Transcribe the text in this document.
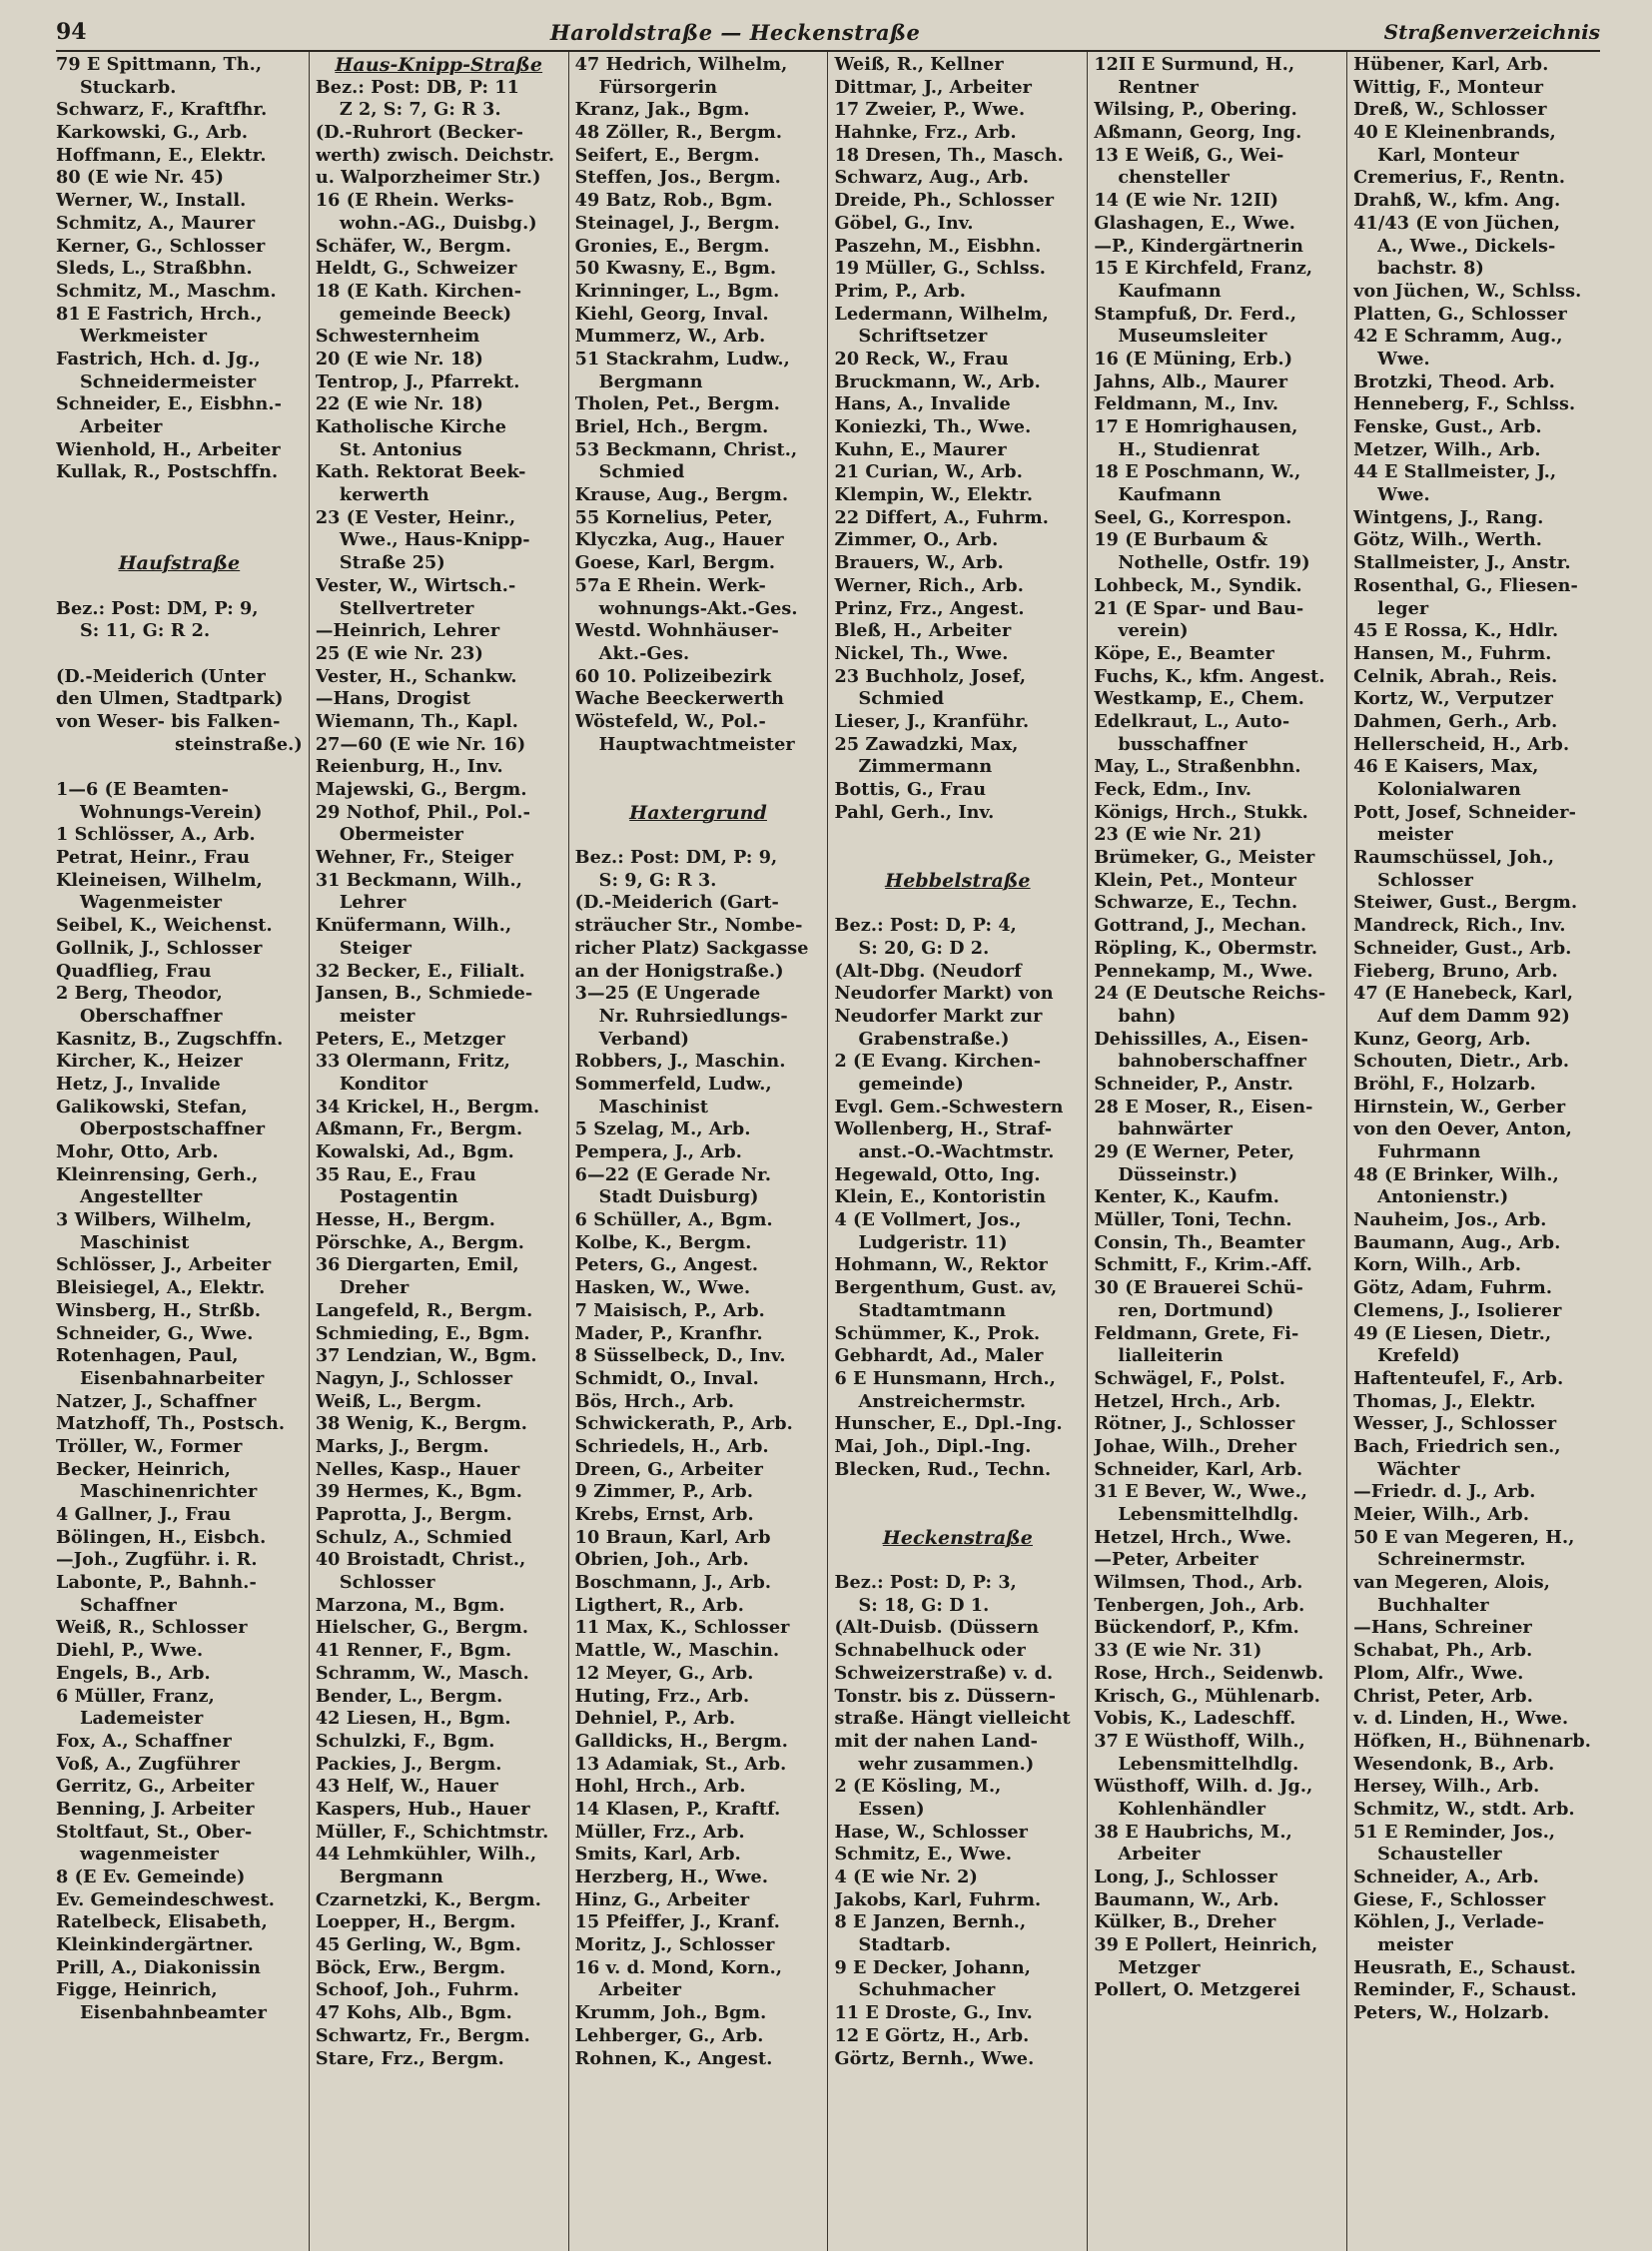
94	Haroldstraße — Heckenstraße	Straßenverzeichnis
79 E Spittmann, Th.,
Stuckarb.
Schwarz, F., Kraftfhr.
Karkowski, G., Arb.
Hoffmann, E., Elektr.
80 (E wie Nr. 45)
Werner, W., Install.
Schmitz, A., Maurer
Kerner, G., Schlosser
Sleds, L., Straßbhn.
Schmitz, M., Maschm.
81 E Fastrich, Hrch.,
Werkmeister
Fastrich, Hch. d. Jg.,
Schneidermeister
Schneider, E., Eisbhn.-
Arbeiter
Wienhold, H., Arbeiter
Kullak, R., Postschffn.
Haufstraße
Bez.: Post: DM, P: 9,
S: 11, G: R 2.
(D.-Meiderich (Unter
den Ulmen, Stadtpark)
von Weser- bis Falken-
steinstraße.)
1—6 (E Beamten-
Wohnungs-Verein)
1 Schlösser, A., Arb.
Petrat, Heinr., Frau
Kleineisen, Wilhelm,
Wagenmeister
Seibel, K., Weichenst.
Gollnik, J., Schlosser
Quadflieg, Frau
2 Berg, Theodor,
Oberschaffner
Kasnitz, B., Zugschffn.
Kircher, K., Heizer
Hetz, J., Invalide
Galikowski, Stefan,
Oberpostschaffner
Mohr, Otto, Arb.
Kleinrensing, Gerh.,
Angestellter
3 Wilbers, Wilhelm,
Maschinist
Schlösser, J., Arbeiter
Bleisiegel, A., Elektr.
Winsberg, H., Strßb.
Schneider, G., Wwe.
Rotenhagen, Paul,
Eisenbahnarbeiter
Natzer, J., Schaffner
Matzhoff, Th., Postsch.
Tröller, W., Former
Becker, Heinrich,
Maschinenrichter
4 Gallner, J., Frau
Bölingen, H., Eisbch.
—Joh., Zugführ. i. R.
Labonte, P., Bahnh.-
Schaffner
Weiß, R., Schlosser
Diehl, P., Wwe.
Engels, B., Arb.
6 Müller, Franz,
Lademeister
Fox, A., Schaffner
Voß, A., Zugführer
Gerritz, G., Arbeiter
Benning, J. Arbeiter
Stoltfaut, St., Ober-
wagenmeister
8 (E Ev. Gemeinde)
Ev. Gemeindeschwest.
Ratelbeck, Elisabeth,
Kleinkindergärtner.
Prill, A., Diakonissin
Figge, Heinrich,
Eisenbahnbeamter
Haus-Knipp-Straße
Bez.: Post: DB, P: 11
Z 2, S: 7, G: R 3.
(D.-Ruhrort (Becker-
werth) zwisch. Deichstr.
u. Walporzheimer Str.)
16 (E Rhein. Werks-
wohn.-AG., Duisbg.)
Schäfer, W., Bergm.
Heldt, G., Schweizer
18 (E Kath. Kirchen-
gemeinde Beeck)
Schwesternheim
20 (E wie Nr. 18)
Tentrop, J., Pfarrekt.
22 (E wie Nr. 18)
Katholische Kirche
St. Antonius
Kath. Rektorat Beek-
kerwerth
23 (E Vester, Heinr.,
Wwe., Haus-Knipp-
Straße 25)
Vester, W., Wirtsch.-
Stellvertreter
—Heinrich, Lehrer
25 (E wie Nr. 23)
Vester, H., Schankw.
—Hans, Drogist
Wiemann, Th., Kapl.
27—60 (E wie Nr. 16)
Reienburg, H., Inv.
Majewski, G., Bergm.
29 Nothof, Phil., Pol.-
Obermeister
Wehner, Fr., Steiger
31 Beckmann, Wilh.,
Lehrer
Knüfermann, Wilh.,
Steiger
32 Becker, E., Filialt.
Jansen, B., Schmiede-
meister
Peters, E., Metzger
33 Olermann, Fritz,
Konditor
34 Krickel, H., Bergm.
Aßmann, Fr., Bergm.
Kowalski, Ad., Bgm.
35 Rau, E., Frau
Postagentin
Hesse, H., Bergm.
Pörschke, A., Bergm.
36 Diergarten, Emil,
Dreher
Langefeld, R., Bergm.
Schmieding, E., Bgm.
37 Lendzian, W., Bgm.
Nagyn, J., Schlosser
Weiß, L., Bergm.
38 Wenig, K., Bergm.
Marks, J., Bergm.
Nelles, Kasp., Hauer
39 Hermes, K., Bgm.
Paprotta, J., Bergm.
Schulz, A., Schmied
40 Broistadt, Christ.,
Schlosser
Marzona, M., Bgm.
Hielscher, G., Bergm.
41 Renner, F., Bgm.
Schramm, W., Masch.
Bender, L., Bergm.
42 Liesen, H., Bgm.
Schulzki, F., Bgm.
Packies, J., Bergm.
43 Helf, W., Hauer
Kaspers, Hub., Hauer
Müller, F., Schichtmstr.
44 Lehmkühler, Wilh.,
Bergmann
Czarnetzki, K., Bergm.
Loepper, H., Bergm.
45 Gerling, W., Bgm.
Böck, Erw., Bergm.
Schoof, Joh., Fuhrm.
47 Kohs, Alb., Bgm.
Schwartz, Fr., Bergm.
Stare, Frz., Bergm.
47 Hedrich, Wilhelm,
Fürsorgerin
Kranz, Jak., Bgm.
48 Zöller, R., Bergm.
Seifert, E., Bergm.
Steffen, Jos., Bergm.
49 Batz, Rob., Bgm.
Steinagel, J., Bergm.
Gronies, E., Bergm.
50 Kwasny, E., Bgm.
Krinninger, L., Bgm.
Kiehl, Georg, Inval.
Mummerz, W., Arb.
51 Stackrahm, Ludw.,
Bergmann
Tholen, Pet., Bergm.
Briel, Hch., Bergm.
53 Beckmann, Christ.,
Schmied
Krause, Aug., Bergm.
55 Kornelius, Peter,
Klyczka, Aug., Hauer
Goese, Karl, Bergm.
57a E Rhein. Werk-
wohnungs-Akt.-Ges.
Westd. Wohnhäuser-
Akt.-Ges.
60 10. Polizeibezirk
Wache Beeckerwerth
Wöstefeld, W., Pol.-
Hauptwachtmeister
Haxtergrund
Bez.: Post: DM, P: 9,
S: 9, G: R 3.
(D.-Meiderich (Gart-
sträucher Str., Nombe-
richer Platz) Sackgasse
an der Honigstraße.)
3—25 (E Ungerade
Nr. Ruhrsiedlungs-
Verband)
Robbers, J., Maschin.
Sommerfeld, Ludw.,
Maschinist
5 Szelag, M., Arb.
Pempera, J., Arb.
6—22 (E Gerade Nr.
Stadt Duisburg)
6 Schüller, A., Bgm.
Kolbe, K., Bergm.
Peters, G., Angest.
Hasken, W., Wwe.
7 Maisisch, P., Arb.
Mader, P., Kranfhr.
8 Süsselbeck, D., Inv.
Schmidt, O., Inval.
Bös, Hrch., Arb.
Schwickerath, P., Arb.
Schriedels, H., Arb.
Dreen, G., Arbeiter
9 Zimmer, P., Arb.
Krebs, Ernst, Arb.
10 Braun, Karl, Arb
Obrien, Joh., Arb.
Boschmann, J., Arb.
Ligthert, R., Arb.
11 Max, K., Schlosser
Mattle, W., Maschin.
12 Meyer, G., Arb.
Huting, Frz., Arb.
Dehniel, P., Arb.
Galldicks, H., Bergm.
13 Adamiak, St., Arb.
Hohl, Hrch., Arb.
14 Klasen, P., Kraftf.
Müller, Frz., Arb.
Smits, Karl, Arb.
Herzberg, H., Wwe.
Hinz, G., Arbeiter
15 Pfeiffer, J., Kranf.
Moritz, J., Schlosser
16 v. d. Mond, Korn.,
Arbeiter
Krumm, Joh., Bgm.
Lehberger, G., Arb.
Rohnen, K., Angest.
Weiß, R., Kellner
Dittmar, J., Arbeiter
17 Zweier, P., Wwe.
Hahnke, Frz., Arb.
18 Dresen, Th., Masch.
Schwarz, Aug., Arb.
Dreide, Ph., Schlosser
Göbel, G., Inv.
Paszehn, M., Eisbhn.
19 Müller, G., Schlss.
Prim, P., Arb.
Ledermann, Wilhelm,
Schriftsetzer
20 Reck, W., Frau
Bruckmann, W., Arb.
Hans, A., Invalide
Koniezki, Th., Wwe.
Kuhn, E., Maurer
21 Curian, W., Arb.
Klempin, W., Elektr.
22 Differt, A., Fuhrm.
Zimmer, O., Arb.
Brauers, W., Arb.
Werner, Rich., Arb.
Prinz, Frz., Angest.
Bleß, H., Arbeiter
Nickel, Th., Wwe.
23 Buchholz, Josef,
Schmied
Lieser, J., Kranführ.
25 Zawadzki, Max,
Zimmermann
Bottis, G., Frau
Pahl, Gerh., Inv.
Hebbelstraße
Bez.: Post: D, P: 4,
S: 20, G: D 2.
(Alt-Dbg. (Neudorf
Neudorfer Markt) von
Neudorfer Markt zur
Grabenstraße.)
2 (E Evang. Kirchen-
gemeinde)
Evgl. Gem.-Schwestern
Wollenberg, H., Straf-
anst.-O.-Wachtmstr.
Hegewald, Otto, Ing.
Klein, E., Kontoristin
4 (E Vollmert, Jos.,
Ludgeristr. 11)
Hohmann, W., Rektor
Bergenthum, Gust. av,
Stadtamtmann
Schümmer, K., Prok.
Gebhardt, Ad., Maler
6 E Hunsmann, Hrch.,
Anstreichermstr.
Hunscher, E., Dpl.-Ing.
Mai, Joh., Dipl.-Ing.
Blecken, Rud., Techn.
Heckenstraße
Bez.: Post: D, P: 3,
S: 18, G: D 1.
(Alt-Duisb. (Düssern
Schnabelhuck oder
Schweizerstraße) v. d.
Tonstr. bis z. Düssern-
straße. Hängt vielleicht
mit der nahen Land-
wehr zusammen.)
2 (E Kösling, M.,
Essen)
Hase, W., Schlosser
Schmitz, E., Wwe.
4 (E wie Nr. 2)
Jakobs, Karl, Fuhrm.
8 E Janzen, Bernh.,
Stadtarb.
9 E Decker, Johann,
Schuhmacher
11 E Droste, G., Inv.
12 E Görtz, H., Arb.
Görtz, Bernh., Wwe.
12II E Surmund, H.,
Rentner
Wilsing, P., Obering.
Aßmann, Georg, Ing.
13 E Weiß, G., Wei-
chensteller
14 (E wie Nr. 12II)
Glashagen, E., Wwe.
—P., Kindergärtnerin
15 E Kirchfeld, Franz,
Kaufmann
Stampfuß, Dr. Ferd.,
Museumsleiter
16 (E Müning, Erb.)
Jahns, Alb., Maurer
Feldmann, M., Inv.
17 E Homrighausen,
H., Studienrat
18 E Poschmann, W.,
Kaufmann
Seel, G., Korrespon.
19 (E Burbaum &
Nothelle, Ostfr. 19)
Lohbeck, M., Syndik.
21 (E Spar- und Bau-
verein)
Köpe, E., Beamter
Fuchs, K., kfm. Angest.
Westkamp, E., Chem.
Edelkraut, L., Auto-
busschaffner
May, L., Straßenbhn.
Feck, Edm., Inv.
Königs, Hrch., Stukk.
23 (E wie Nr. 21)
Brümeker, G., Meister
Klein, Pet., Monteur
Schwarze, E., Techn.
Gottrand, J., Mechan.
Röpling, K., Obermstr.
Pennekamp, M., Wwe.
24 (E Deutsche Reichs-
bahn)
Dehissilles, A., Eisen-
bahnoberschaffner
Schneider, P., Anstr.
28 E Moser, R., Eisen-
bahnwärter
29 (E Werner, Peter,
Düsseinstr.)
Kenter, K., Kaufm.
Müller, Toni, Techn.
Consin, Th., Beamter
Schmitt, F., Krim.-Aff.
30 (E Brauerei Schü-
ren, Dortmund)
Feldmann, Grete, Fi-
lialleiterin
Schwägel, F., Polst.
Hetzel, Hrch., Arb.
Rötner, J., Schlosser
Johae, Wilh., Dreher
Schneider, Karl, Arb.
31 E Bever, W., Wwe.,
Lebensmittelhdlg.
Hetzel, Hrch., Wwe.
—Peter, Arbeiter
Wilmsen, Thod., Arb.
Tenbergen, Joh., Arb.
Bückendorf, P., Kfm.
33 (E wie Nr. 31)
Rose, Hrch., Seidenwb.
Krisch, G., Mühlenarb.
Vobis, K., Ladeschff.
37 E Wüsthoff, Wilh.,
Lebensmittelhdlg.
Wüsthoff, Wilh. d. Jg.,
Kohlenhändler
38 E Haubrichs, M.,
Arbeiter
Long, J., Schlosser
Baumann, W., Arb.
Külker, B., Dreher
39 E Pollert, Heinrich,
Metzger
Pollert, O. Metzgerei
Hübener, Karl, Arb.
Wittig, F., Monteur
Dreß, W., Schlosser
40 E Kleinenbrands,
Karl, Monteur
Cremerius, F., Rentn.
Drahß, W., kfm. Ang.
41/43 (E von Jüchen,
A., Wwe., Dickels-
bachstr. 8)
von Jüchen, W., Schlss.
Platten, G., Schlosser
42 E Schramm, Aug.,
Wwe.
Brotzki, Theod. Arb.
Henneberg, F., Schlss.
Fenske, Gust., Arb.
Metzer, Wilh., Arb.
44 E Stallmeister, J.,
Wwe.
Wintgens, J., Rang.
Götz, Wilh., Werth.
Stallmeister, J., Anstr.
Rosenthal, G., Fliesen-
leger
45 E Rossa, K., Hdlr.
Hansen, M., Fuhrm.
Celnik, Abrah., Reis.
Kortz, W., Verputzer
Dahmen, Gerh., Arb.
Hellerscheid, H., Arb.
46 E Kaisers, Max,
Kolonialwaren
Pott, Josef, Schneider-
meister
Raumschüssel, Joh.,
Schlosser
Steiwer, Gust., Bergm.
Mandreck, Rich., Inv.
Schneider, Gust., Arb.
Fieberg, Bruno, Arb.
47 (E Hanebeck, Karl,
Auf dem Damm 92)
Kunz, Georg, Arb.
Schouten, Dietr., Arb.
Bröhl, F., Holzarb.
Hirnstein, W., Gerber
von den Oever, Anton,
Fuhrmann
48 (E Brinker, Wilh.,
Antonienstr.)
Nauheim, Jos., Arb.
Baumann, Aug., Arb.
Korn, Wilh., Arb.
Götz, Adam, Fuhrm.
Clemens, J., Isolierer
49 (E Liesen, Dietr.,
Krefeld)
Haftenteufel, F., Arb.
Thomas, J., Elektr.
Wesser, J., Schlosser
Bach, Friedrich sen.,
Wächter
—Friedr. d. J., Arb.
Meier, Wilh., Arb.
50 E van Megeren, H.,
Schreinermstr.
van Megeren, Alois,
Buchhalter
—Hans, Schreiner
Schabat, Ph., Arb.
Plom, Alfr., Wwe.
Christ, Peter, Arb.
v. d. Linden, H., Wwe.
Höfken, H., Bühnenarb.
Wesendonk, B., Arb.
Hersey, Wilh., Arb.
Schmitz, W., stdt. Arb.
51 E Reminder, Jos.,
Schausteller
Schneider, A., Arb.
Giese, F., Schlosser
Köhlen, J., Verlade-
meister
Heusrath, E., Schaust.
Reminder, F., Schaust.
Peters, W., Holzarb.
